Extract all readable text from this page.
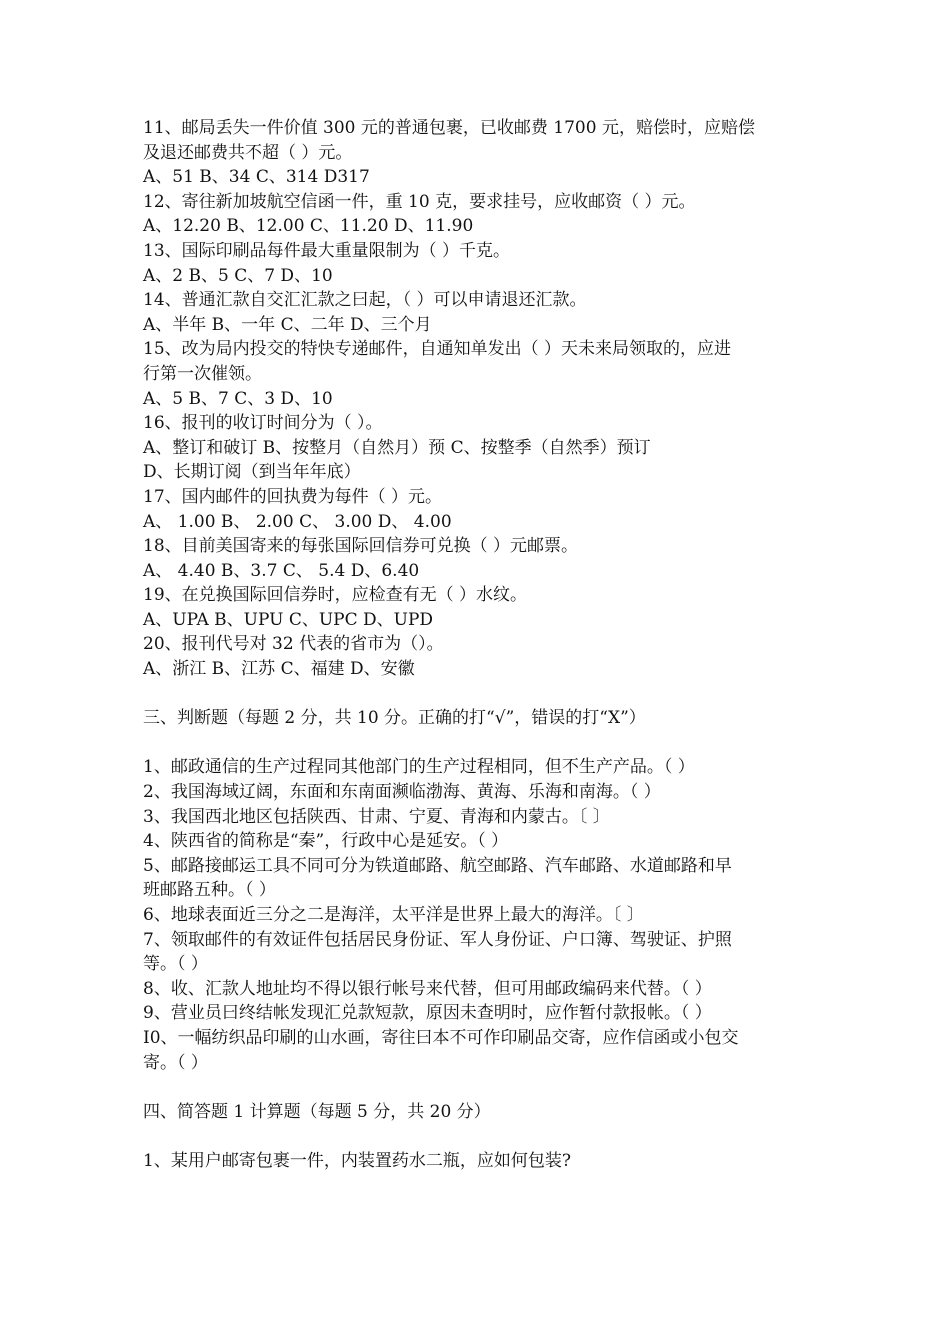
11、邮局丢失一件价值 300 元的普通包裹，已收邮费 1700 元，赔偿时，应赔偿
及退还邮费共不超（ ）元。
A、51 B、34 C、314 D317
12、寄往新加坡航空信函一件，重 10 克，要求挂号，应收邮资（ ）元。
A、12.20 B、12.00 C、11.20 D、11.90
13、国际印刷品每件最大重量限制为（ ）千克。
A、2 B、5 C、7 D、10
14、普通汇款自交汇汇款之曰起，（ ）可以申请退还汇款。
A、半年 B、一年 C、二年 D、三个月
15、改为局内投交的特快专递邮件，自通知单发出（ ）天未来局领取的，应进
行第一次催领。
A、5 B、7 C、3 D、10
16、报刊的收订时间分为（ ）。
A、整订和破订 B、按整月（自然月）预 C、按整季（自然季）预订
D、长期订阅（到当年年底）
17、国内邮件的回执费为每件（ ）元。
A、 1.00 B、 2.00 C、 3.00 D、 4.00
18、目前美国寄来的每张国际回信券可兑换（ ）元邮票。
A、 4.40 B、3.7 C、 5.4 D、6.40
19、在兑换国际回信券时，应检查有无（ ）水纹。
A、UPA B、UPU C、UPC D、UPD
20、报刊代号对 32 代表的省市为（）。
A、浙江 B、江苏 C、福建 D、安徽
三、判断题（每题 2 分，共 10 分。正确的打“√”，错误的打“X”）
1、邮政通信的生产过程同其他部门的生产过程相同，但不生产产品。（ ）
2、我国海域辽阔，东面和东南面濒临渤海、黄海、乐海和南海。（ ）
3、我国西北地区包括陕西、甘肃、宁夏、青海和内蒙古。〔 〕
4、陕西省的简称是“秦”，行政中心是延安。（ ）
5、邮路接邮运工具不同可分为铁道邮路、航空邮路、汽车邮路、水道邮路和早
班邮路五种。（ ）
6、地球表面近三分之二是海洋，太平洋是世界上最大的海洋。〔 〕
7、领取邮件的有效证件包括居民身份证、军人身份证、户口簿、驾驶证、护照
等。（ ）
8、收、汇款人地址均不得以银行帐号来代替，但可用邮政编码来代替。（ ）
9、营业员曰终结帐发现汇兑款短款，原因未查明时，应作暂付款报帐。（ ）
I0、一幅纺织品印刷的山水画，寄往曰本不可作印刷品交寄，应作信函或小包交
寄。（ ）
四、简答题 1 计算题（每题 5 分，共 20 分）
1、某用户邮寄包裹一件，内装置药水二瓶，应如何包装?
